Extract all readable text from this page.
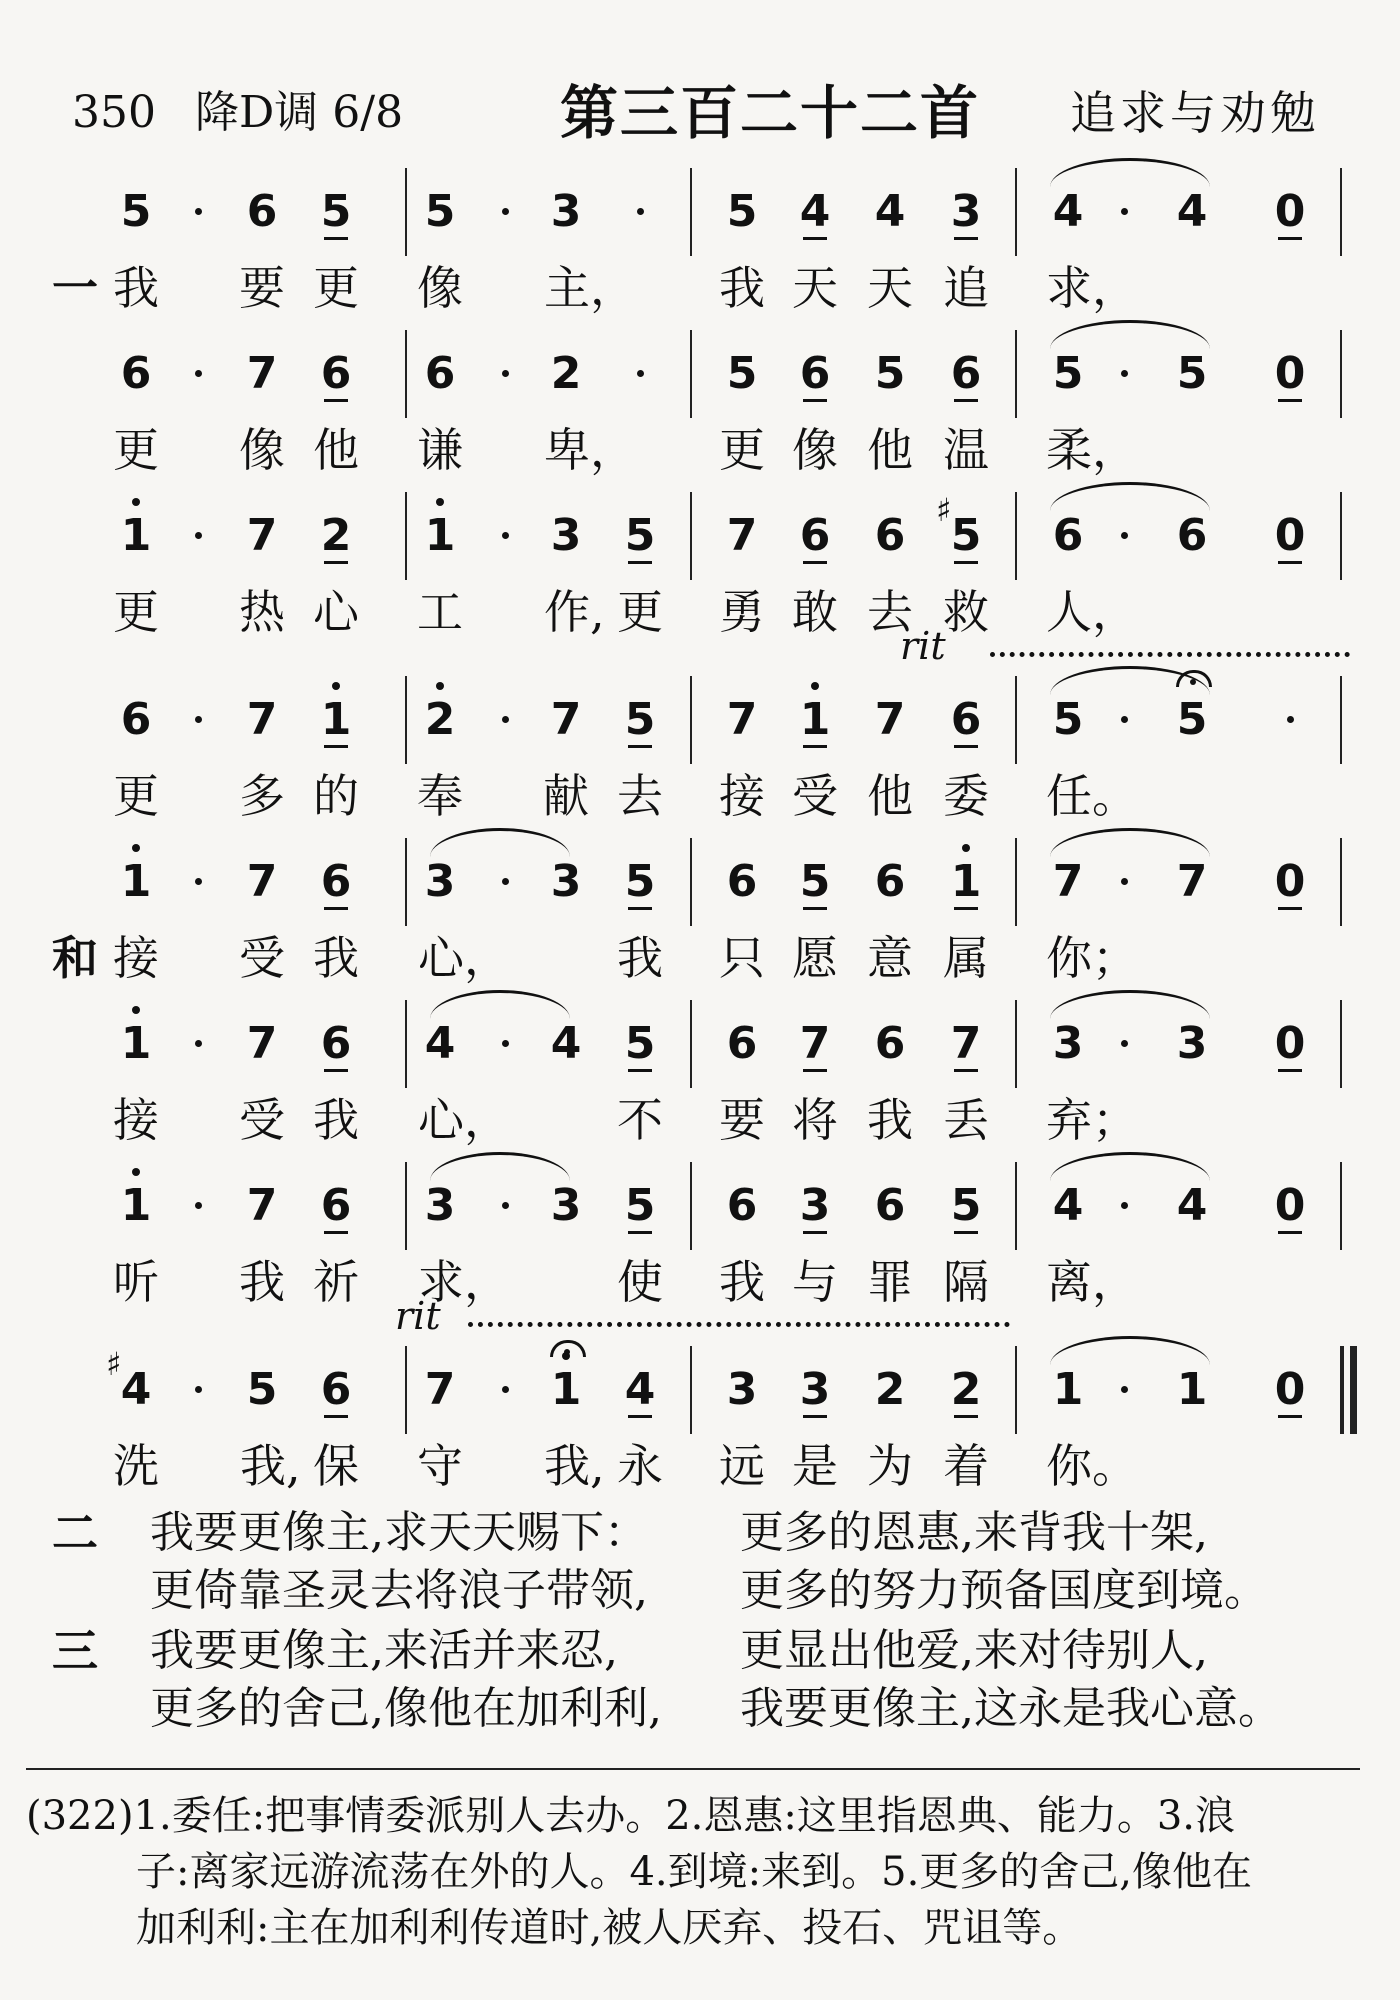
350 降D调 6/8	第三百二十二首 追求与劝勉
一
5
我
6
要
5
更
5
像
3
主，
5
我
4
天
4
天
3
追
4
求，
4 0
6
更
7
像
6
他
6
谦
2
卑，
5
更
6
像
5
他
6
温
5
柔，
5 0
1
更
7
热
2
心
1
工
3
作,
5
更
7
勇
6
敢
6
去
5
♯
救
6
人，
6 0
6
更
7
多
1
的
2
奉
7
献
5
去
7
接
1
受
7
他
6
委
5
任。
5
rit
和
1
接
7
受
6
我
3
心，
3 5
我
6
只
5
愿
6
意
1
属
7
你；
7 0
1
接
7
受
6
我
4
心，
4 5
不
6
要
7
将
6
我
7
丢
3
弃；
3 0
1
听
7
我
6
祈
3
求，
3 5
使
6
我
3
与
6
罪
5
隔
4
离，
4 0
4
♯
洗
5
我,
6
保
7
守
1
我,
4
永
3
远
3
是
2
为
2
着
1
你。
1 0
rit
二 我要更像主,求天天赐下： 更多的恩惠,来背我十架,
更倚靠圣灵去将浪子带领, 更多的努力预备国度到境。
三 我要更像主,来活并来忍,	更显出他爱,来对待别人,
更多的舍己,像他在加利利, 我要更像主,这永是我心意。
(322)1.委任:把事情委派别人去办。2.恩惠:这里指恩典、能力。3.浪
子:离家远游流荡在外的人。4.到境:来到。5.更多的舍己,像他在
加利利:主在加利利传道时,被人厌弃、投石、咒诅等。
